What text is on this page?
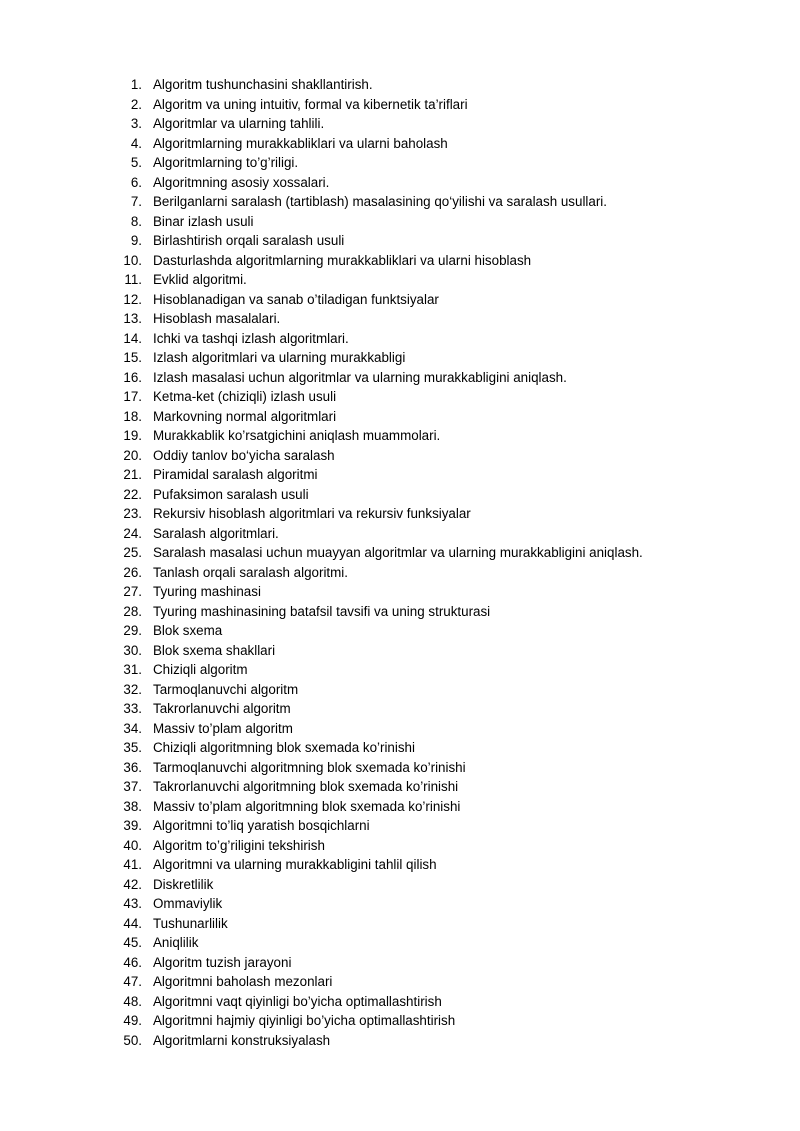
1. Algoritm tushunchasini shakllantirish.
2. Algoritm va uning intuitiv, formal va kibernetik ta’riflari
3. Algoritmlar va ularning tahlili.
4. Algoritmlarning murakkabliklari va ularni baholash
5. Algoritmlarning to’g’riligi.
6. Algoritmning asosiy xossalari.
7. Berilganlarni saralash (tartiblash) masalasining qo‘yilishi va saralash usullari.
8. Binar izlash usuli
9. Birlashtirish orqali saralash usuli
10. Dasturlashda algoritmlarning murakkabliklari va ularni hisoblash
11. Evklid algoritmi.
12. Hisoblanadigan va sanab o’tiladigan funktsiyalar
13. Hisoblash masalalari.
14. Ichki va tashqi izlash algoritmlari.
15. Izlash algoritmlari va ularning murakkabligi
16. Izlash masalasi uchun algoritmlar va ularning murakkabligini aniqlash.
17. Ketma-ket (chiziqli) izlash usuli
18. Markovning normal algoritmlari
19. Murakkablik ko’rsatgichini aniqlash muammolari.
20. Oddiy tanlov bo‘yicha saralash
21. Piramidal saralash algoritmi
22. Pufaksimon saralash usuli
23. Rekursiv hisoblash algoritmlari va rekursiv funksiyalar
24. Saralash algoritmlari.
25. Saralash masalasi uchun muayyan algoritmlar va ularning murakkabligini aniqlash.
26. Tanlash orqali saralash algoritmi.
27. Tyuring mashinasi
28. Tyuring mashinasining batafsil tavsifi va uning strukturasi
29. Blok sxema
30. Blok sxema shakllari
31. Chiziqli algoritm
32. Tarmoqlanuvchi algoritm
33. Takrorlanuvchi algoritm
34. Massiv to’plam algoritm
35. Chiziqli algoritmning blok sxemada ko’rinishi
36. Tarmoqlanuvchi algoritmning blok sxemada ko’rinishi
37. Takrorlanuvchi algoritmning blok sxemada ko’rinishi
38. Massiv to’plam algoritmning blok sxemada ko’rinishi
39. Algoritmni to’liq yaratish bosqichlarni
40. Algoritm to’g’riligini tekshirish
41. Algoritmni va ularning murakkabligini tahlil qilish
42. Diskretlilik
43. Ommaviylik
44. Tushunarlilik
45. Aniqlilik
46. Algoritm tuzish jarayoni
47. Algoritmni baholash mezonlari
48. Algoritmni vaqt qiyinligi bo’yicha optimallashtirish
49. Algoritmni hajmiy qiyinligi bo’yicha optimallashtirish
50. Algoritmlarni konstruksiyalash
